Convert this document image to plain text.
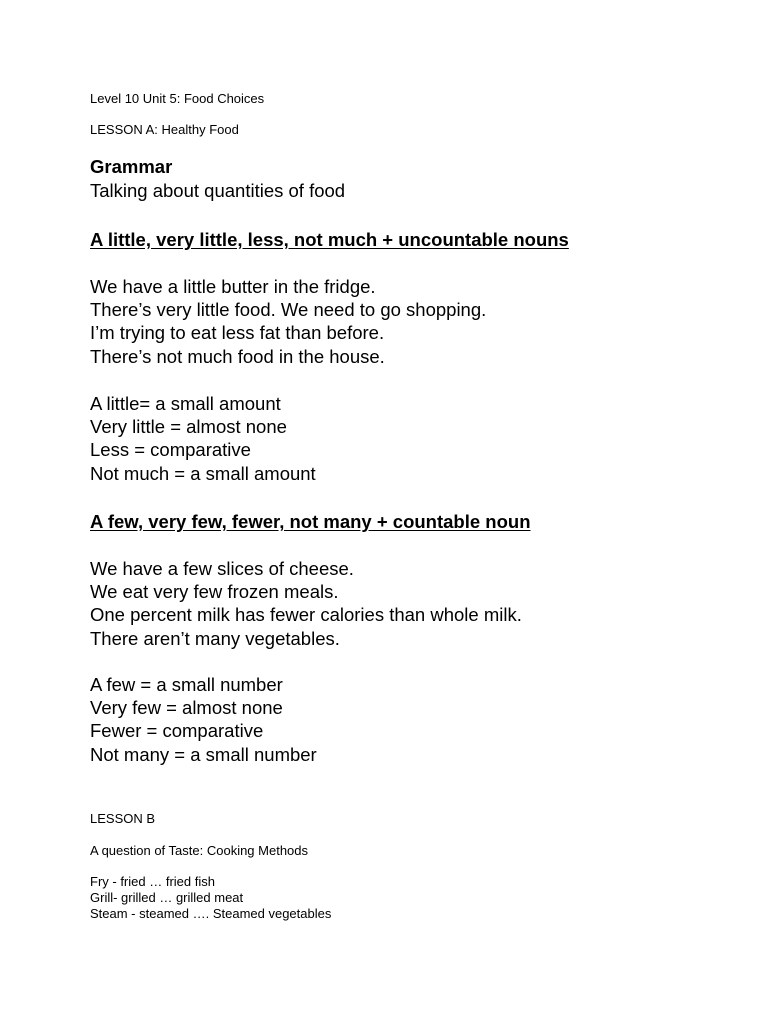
Level 10 Unit 5: Food Choices

LESSON A: Healthy Food

Grammar

Talking about quantities of food

A little, very little, less, not much + uncountable nouns

We have a little butter in the fridge.

There’s very little food. We need to go shopping.

I’m trying to eat less fat than before.

There’s not much food in the house.

A little= a small amount

Very little = almost none

Less = comparative

Not much = a small amount

A few, very few, fewer, not many + countable noun

We have a few slices of cheese.

We eat very few frozen meals.

One percent milk has fewer calories than whole milk.

There aren’t many vegetables.

A few = a small number

Very few = almost none

Fewer = comparative

Not many = a small number

LESSON B

A question of Taste: Cooking Methods

Fry - fried … fried fish

Grill- grilled … grilled meat

Steam - steamed …. Steamed vegetables
